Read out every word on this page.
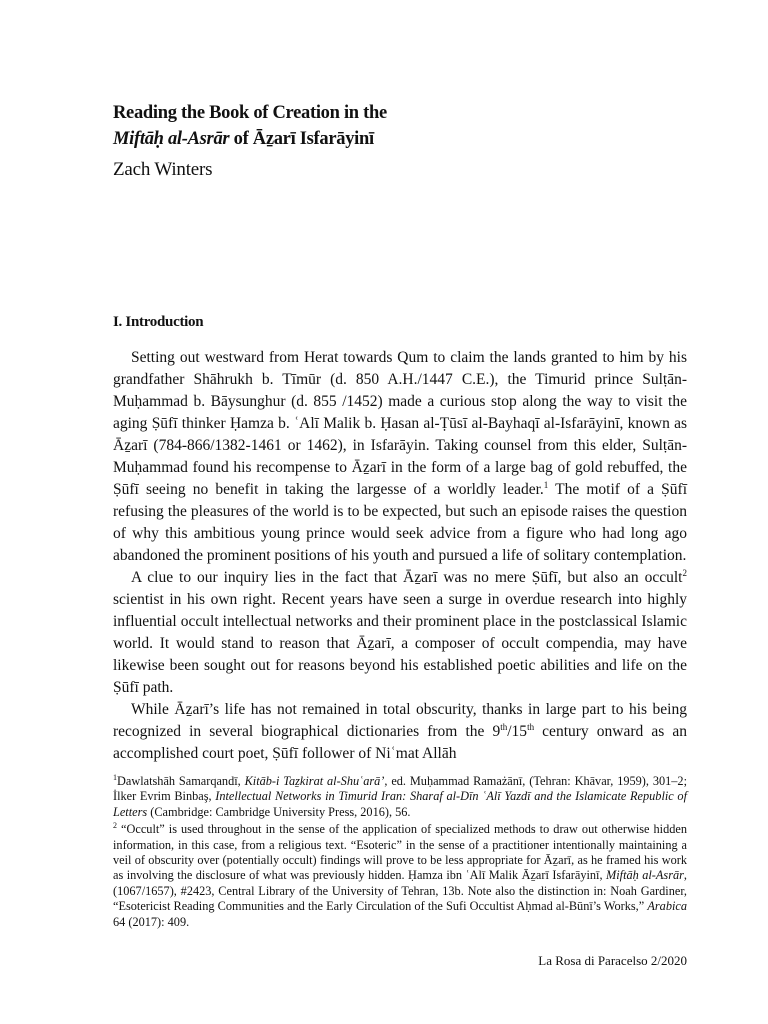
Reading the Book of Creation in the
Miftāḥ al-Asrār of Āẕarī Isfarāyinī

Zach Winters

I. Introduction

Setting out westward from Herat towards Qum to claim the lands granted to him by his grandfather Shāhrukh b. Tīmūr (d. 850 A.H./1447 C.E.), the Timurid prince Sulṭān-Muḥammad b. Bāysunghur (d. 855 /1452) made a curious stop along the way to visit the aging Ṣūfī thinker Ḥamza b. ʿAlī Malik b. Ḥasan al-Ṭūsī al-Bayhaqī al-Isfarāyinī, known as Āẕarī (784-866/1382-1461 or 1462), in Isfarāyin. Taking counsel from this elder, Sulṭān-Muḥammad found his recompense to Āẕarī in the form of a large bag of gold rebuffed, the Ṣūfī seeing no benefit in taking the largesse of a worldly leader.$^1$ The motif of a Ṣūfī refusing the pleasures of the world is to be expected, but such an episode raises the question of why this ambitious young prince would seek advice from a figure who had long ago abandoned the prominent positions of his youth and pursued a life of solitary contemplation.

A clue to our inquiry lies in the fact that Āẕarī was no mere Ṣūfī, but also an occult$^2$ scientist in his own right. Recent years have seen a surge in overdue research into highly influential occult intellectual networks and their prominent place in the postclassical Islamic world. It would stand to reason that Āẕarī, a composer of occult compendia, may have likewise been sought out for reasons beyond his established poetic abilities and life on the Ṣūfī path.

While Āẕarī’s life has not remained in total obscurity, thanks in large part to his being recognized in several biographical dictionaries from the 9th/15th century onward as an accomplished court poet, Ṣūfī follower of Niʿmat Allāh

$^1$Dawlatshāh Samarqandī, Kitāb-i Taẕkirat al-Shuʿarā’, ed. Muḥammad Ramażānī, (Tehran: Khāvar, 1959), 301–2; İlker Evrim Binbaş, Intellectual Networks in Timurid Iran: Sharaf al-Dīn ʿAlī Yazdī and the Islamicate Republic of Letters (Cambridge: Cambridge University Press, 2016), 56.

$^2$ “Occult” is used throughout in the sense of the application of specialized methods to draw out otherwise hidden information, in this case, from a religious text. “Esoteric” in the sense of a practitioner intentionally maintaining a veil of obscurity over (potentially occult) findings will prove to be less appropriate for Āẕarī, as he framed his work as involving the disclosure of what was previously hidden. Ḥamza ibn ʿAlī Malik Āẕarī Isfarāyinī, Miftāḥ al-Asrār, (1067/1657), #2423, Central Library of the University of Tehran, 13b. Note also the distinction in: Noah Gardiner, “Esotericist Reading Communities and the Early Circulation of the Sufi Occultist Aḥmad al-Būnī’s Works,” Arabica 64 (2017): 409.

La Rosa di Paracelso 2/2020
